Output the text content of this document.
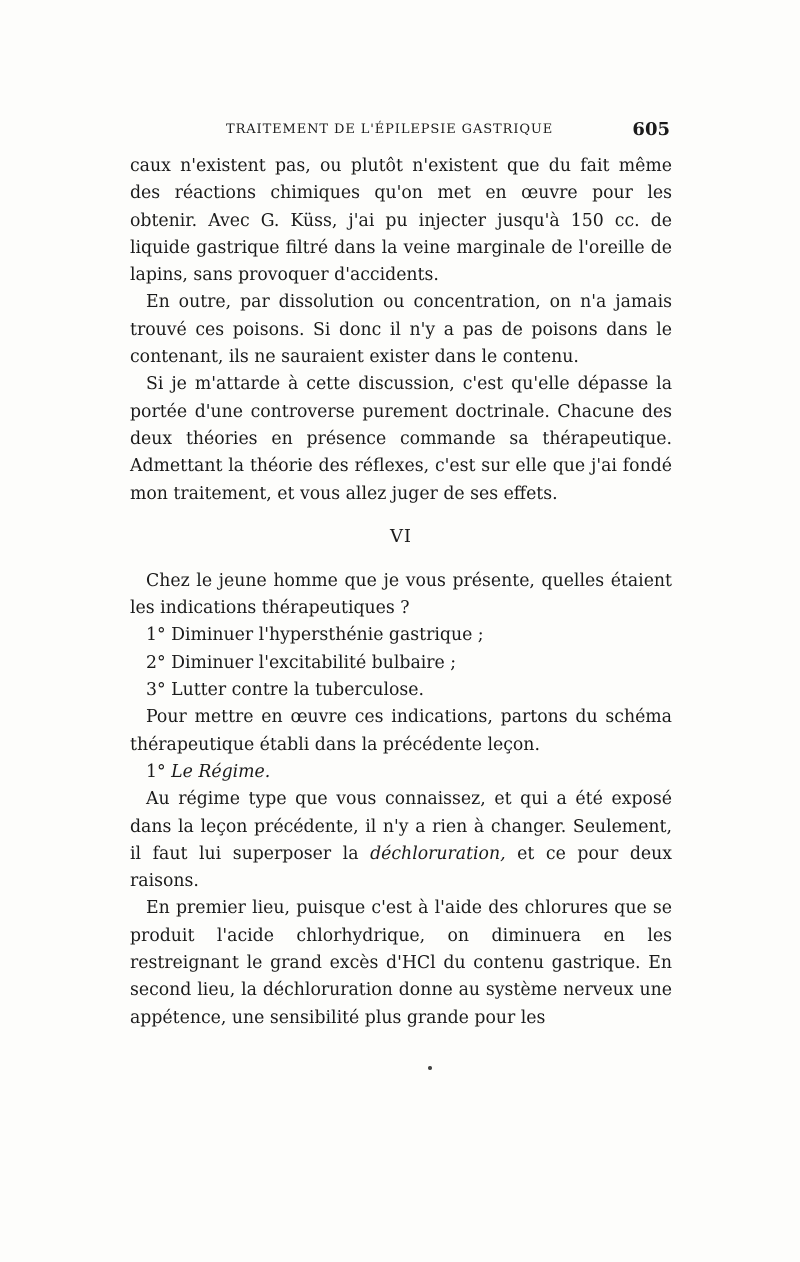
TRAITEMENT DE L'ÉPILEPSIE GASTRIQUE	605

caux n'existent pas, ou plutôt n'existent que du fait même des réactions chimiques qu'on met en œuvre pour les obtenir. Avec G. Küss, j'ai pu injecter jusqu'à 150 cc. de liquide gastrique filtré dans la veine marginale de l'oreille de lapins, sans provoquer d'accidents.

En outre, par dissolution ou concentration, on n'a jamais trouvé ces poisons. Si donc il n'y a pas de poisons dans le contenant, ils ne sauraient exister dans le contenu.

Si je m'attarde à cette discussion, c'est qu'elle dépasse la portée d'une controverse purement doctrinale. Chacune des deux théories en présence commande sa thérapeutique. Admettant la théorie des réflexes, c'est sur elle que j'ai fondé mon traitement, et vous allez juger de ses effets.

VI

Chez le jeune homme que je vous présente, quelles étaient les indications thérapeutiques ?

1° Diminuer l'hypersthénie gastrique ;

2° Diminuer l'excitabilité bulbaire ;

3° Lutter contre la tuberculose.

Pour mettre en œuvre ces indications, partons du schéma thérapeutique établi dans la précédente leçon.

1° Le Régime.

Au régime type que vous connaissez, et qui a été exposé dans la leçon précédente, il n'y a rien à changer. Seulement, il faut lui superposer la déchloruration, et ce pour deux raisons.

En premier lieu, puisque c'est à l'aide des chlorures que se produit l'acide chlorhydrique, on diminuera en les restreignant le grand excès d'HCl du contenu gastrique. En second lieu, la déchloruration donne au système nerveux une appétence, une sensibilité plus grande pour les
